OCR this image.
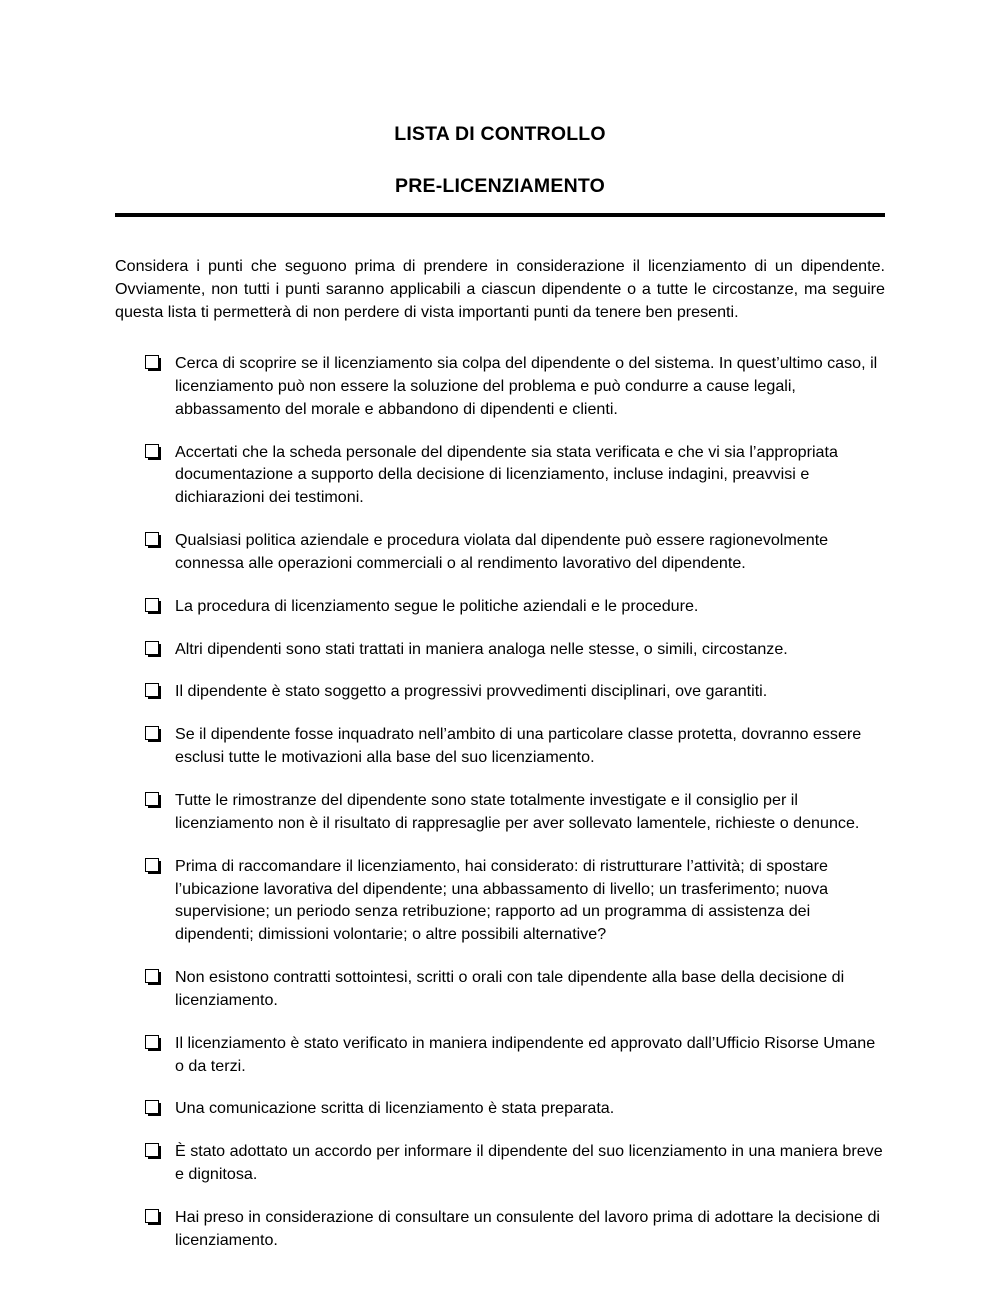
LISTA DI CONTROLLO
PRE-LICENZIAMENTO
Considera i punti che seguono prima di prendere in considerazione il licenziamento di un dipendente. Ovviamente, non tutti i punti saranno applicabili a ciascun dipendente o a tutte le circostanze, ma seguire questa lista ti permetterà di non perdere di vista importanti punti da tenere ben presenti.
Cerca di scoprire se il licenziamento sia colpa del dipendente o del sistema. In quest’ultimo caso, il licenziamento può non essere la soluzione del problema e può condurre a cause legali, abbassamento del morale e abbandono di dipendenti e clienti.
Accertati che la scheda personale del dipendente sia stata verificata e che vi sia l’appropriata documentazione a supporto della decisione di licenziamento, incluse indagini, preavvisi e dichiarazioni dei testimoni.
Qualsiasi politica aziendale e procedura violata dal dipendente può essere ragionevolmente connessa alle operazioni commerciali o al rendimento lavorativo del dipendente.
La procedura di licenziamento segue le politiche aziendali e le procedure.
Altri dipendenti sono stati trattati in maniera analoga nelle stesse, o simili, circostanze.
Il dipendente è stato soggetto a progressivi provvedimenti disciplinari, ove garantiti.
Se il dipendente fosse inquadrato nell’ambito di una particolare classe protetta, dovranno essere esclusi tutte le motivazioni alla base del suo licenziamento.
Tutte le rimostranze del dipendente sono state totalmente investigate e il consiglio per il licenziamento non è il risultato di rappresaglie per aver sollevato lamentele, richieste o denunce.
Prima di raccomandare il licenziamento, hai considerato: di ristrutturare l’attività; di spostare l’ubicazione lavorativa del dipendente; una abbassamento di livello; un trasferimento; nuova supervisione; un periodo senza retribuzione; rapporto ad un programma di assistenza dei dipendenti; dimissioni volontarie; o altre possibili alternative?
Non esistono contratti sottointesi, scritti o orali con tale dipendente alla base della decisione di licenziamento.
Il licenziamento è stato verificato in maniera indipendente ed approvato dall’Ufficio Risorse Umane o da terzi.
Una comunicazione scritta di licenziamento è stata preparata.
È stato adottato un accordo per informare il dipendente del suo licenziamento in una maniera breve e dignitosa.
Hai preso in considerazione di consultare un consulente del lavoro prima di adottare la decisione di licenziamento.
